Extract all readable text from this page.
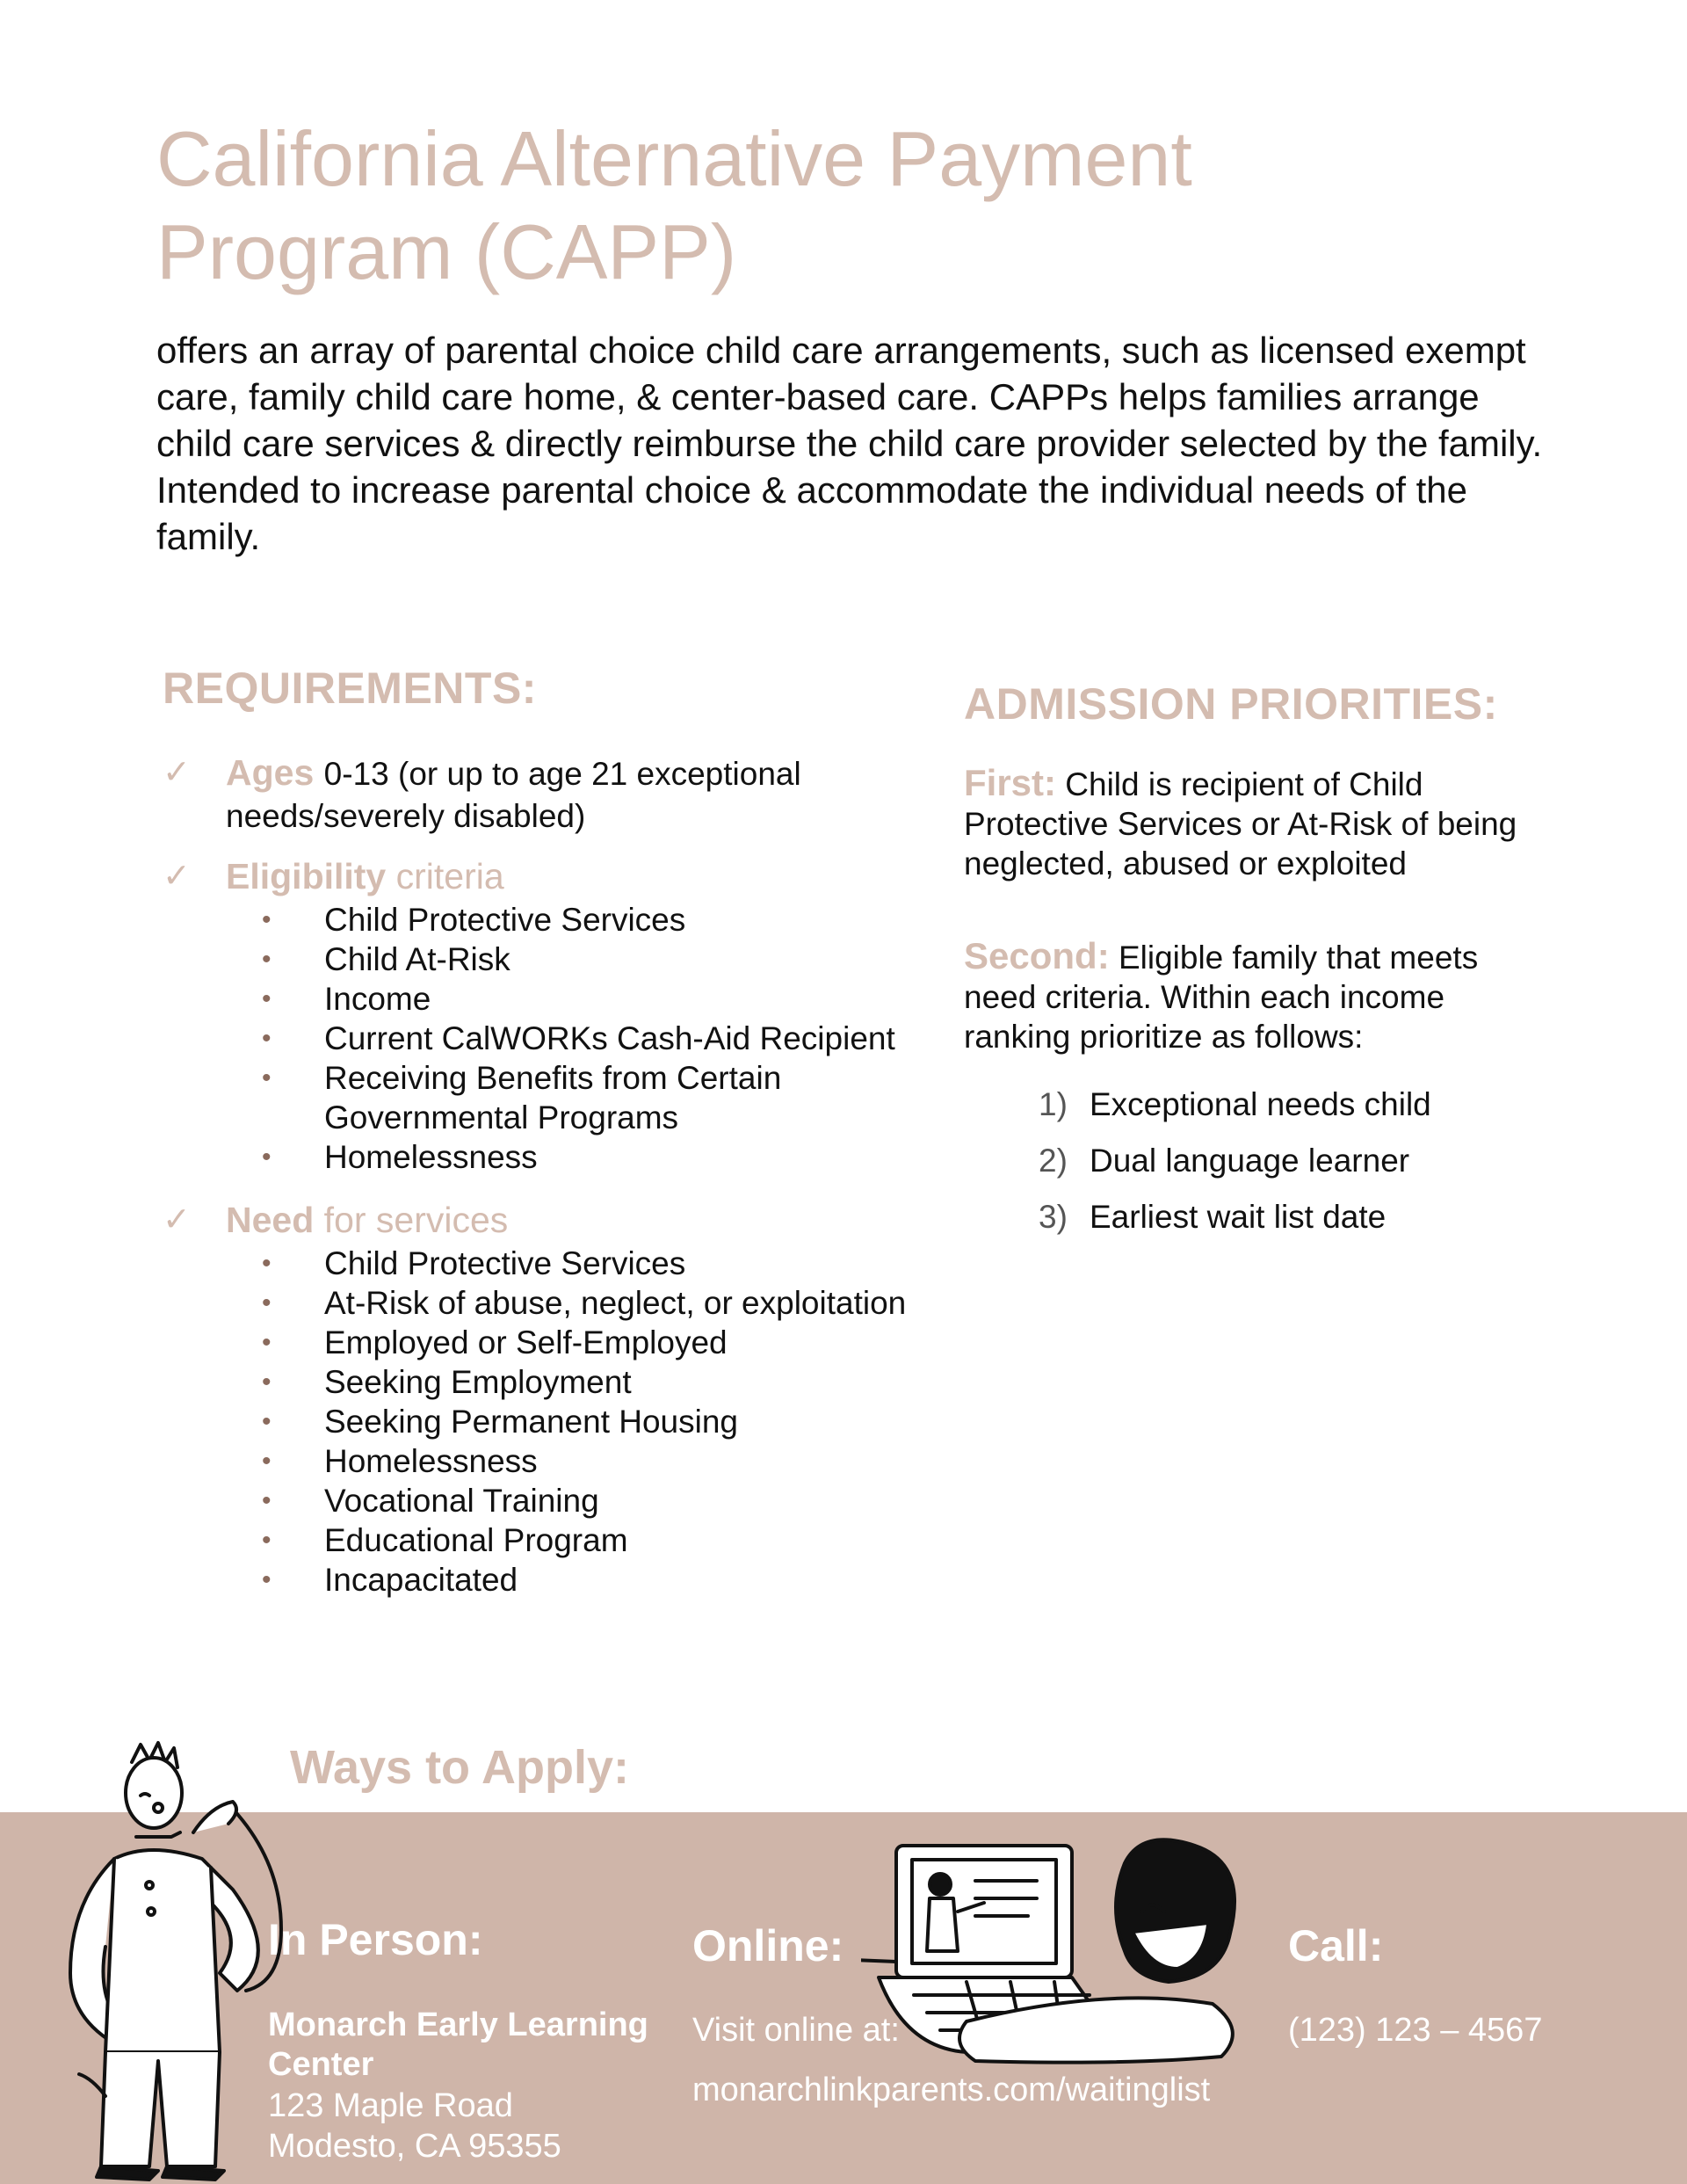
California Alternative Payment Program (CAPP)
offers an array of parental choice child care arrangements, such as licensed exempt care, family child care home, & center-based care. CAPPs helps families arrange child care services & directly reimburse the child care provider selected by the family. Intended to increase parental choice & accommodate the individual needs of the family.
REQUIREMENTS:
✓ Ages 0-13 (or up to age 21 exceptional needs/severely disabled)
✓ Eligibility criteria
• Child Protective Services
• Child At-Risk
• Income
• Current CalWORKs Cash-Aid Recipient
• Receiving Benefits from Certain Governmental Programs
• Homelessness
✓ Need for services
• Child Protective Services
• At-Risk of abuse, neglect, or exploitation
• Employed or Self-Employed
• Seeking Employment
• Seeking Permanent Housing
• Homelessness
• Vocational Training
• Educational Program
• Incapacitated
ADMISSION PRIORITIES:
First: Child is recipient of Child Protective Services or At-Risk of being neglected, abused or exploited
Second: Eligible family that meets need criteria. Within each income ranking prioritize as follows:
1) Exceptional needs child
2) Dual language learner
3) Earliest wait list date
Ways to Apply:
In Person:
Monarch Early Learning Center
123 Maple Road
Modesto, CA 95355
Online:
Visit online at:
monarchlinkparents.com/waitinglist
Call:
(123) 123 – 4567
